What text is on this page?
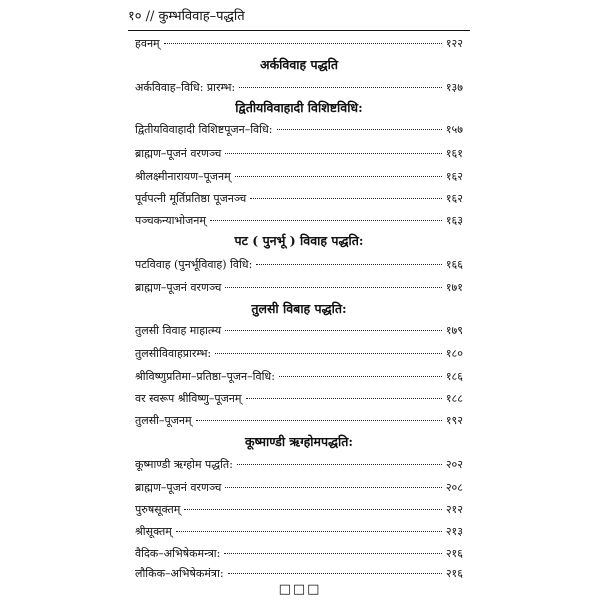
१० // कुम्भविवाह–पद्धति
हवनम्	१२२
अर्कविवाह पद्धति
अर्कविवाह–विधि: प्रारम्भ:	१३७
द्वितीयविवाहादी विशिष्टविधि:
द्वितीयविवाहादी विशिष्टपूजन–विधि:	१५७
ब्राह्मण–पूजनं वरणञ्च	१६१
श्रीलक्ष्मीनारायण–पूजनम्	१६२
पूर्वपत्नी मूर्तिप्रतिष्ठा पूजनञ्च	१६२
पञ्चकन्याभोजनम्	१६३
पट ( पुनर्भू ) विवाह पद्धति:
पटविवाह (पुनर्भूविवाह) विधि:	१६६
ब्राह्मण–पूजनं वरणञ्च	१७१
तुलसी विबाह पद्धति:
तुलसी विवाह माहात्म्य	१७९
तुलसीविवाहप्रारम्भ:	१८०
श्रीविष्णुप्रतिमा–प्रतिष्ठा–पूजन–विधि:	१८६
वर स्वरूप श्रीविष्णु–पूजनम्	१८८
तुलसी–पूजनम्	१९२
कूष्माण्डी ऋग्होमपद्धति:
कूष्माण्डी ऋग्होम पद्धति:	२०२
ब्राह्मण–पूजनं वरणञ्च	२०८
पुरुषसूक्तम्	२१२
श्रीसूक्तम्	२१३
वैदिक–अभिषेकमन्त्रा:	२१६
लौकिक–अभिषेकमंत्रा:	२१६
□□□
